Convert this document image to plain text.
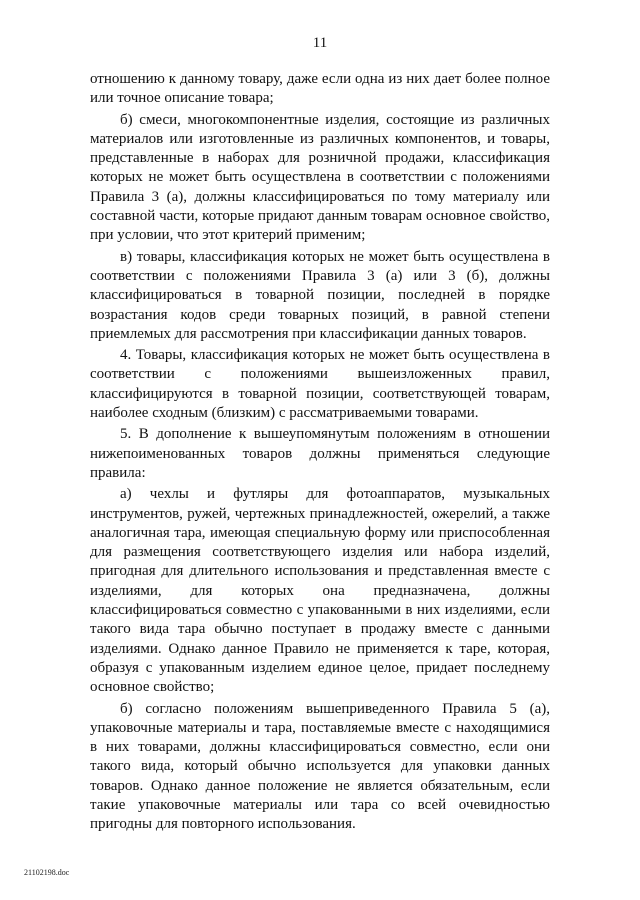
11

отношению к данному товару, даже если одна из них дает более полное или точное описание товара;

б) смеси, многокомпонентные изделия, состоящие из различных материалов или изготовленные из различных компонентов, и товары, представленные в наборах для розничной продажи, классификация которых не может быть осуществлена в соответствии с положениями Правила 3 (а), должны классифицироваться по тому материалу или составной части, которые придают данным товарам основное свойство, при условии, что этот критерий применим;

в) товары, классификация которых не может быть осуществлена в соответствии с положениями Правила 3 (а) или 3 (б), должны классифицироваться в товарной позиции, последней в порядке возрастания кодов среди товарных позиций, в равной степени приемлемых для рассмотрения при классификации данных товаров.

4. Товары, классификация которых не может быть осуществлена в соответствии с положениями вышеизложенных правил, классифицируются в товарной позиции, соответствующей товарам, наиболее сходным (близким) с рассматриваемыми товарами.

5. В дополнение к вышеупомянутым положениям в отношении нижепоименованных товаров должны применяться следующие правила:

а) чехлы и футляры для фотоаппаратов, музыкальных инструментов, ружей, чертежных принадлежностей, ожерелий, а также аналогичная тара, имеющая специальную форму или приспособленная для размещения соответствующего изделия или набора изделий, пригодная для длительного использования и представленная вместе с изделиями, для которых она предназначена, должны классифицироваться совместно с упакованными в них изделиями, если такого вида тара обычно поступает в продажу вместе с данными изделиями. Однако данное Правило не применяется к таре, которая, образуя с упакованным изделием единое целое, придает последнему основное свойство;

б) согласно положениям вышеприведенного Правила 5 (а), упаковочные материалы и тара, поставляемые вместе с находящимися в них товарами, должны классифицироваться совместно, если они такого вида, который обычно используется для упаковки данных товаров. Однако данное положение не является обязательным, если такие упаковочные материалы или тара со всей очевидностью пригодны для повторного использования.

21102198.doc
